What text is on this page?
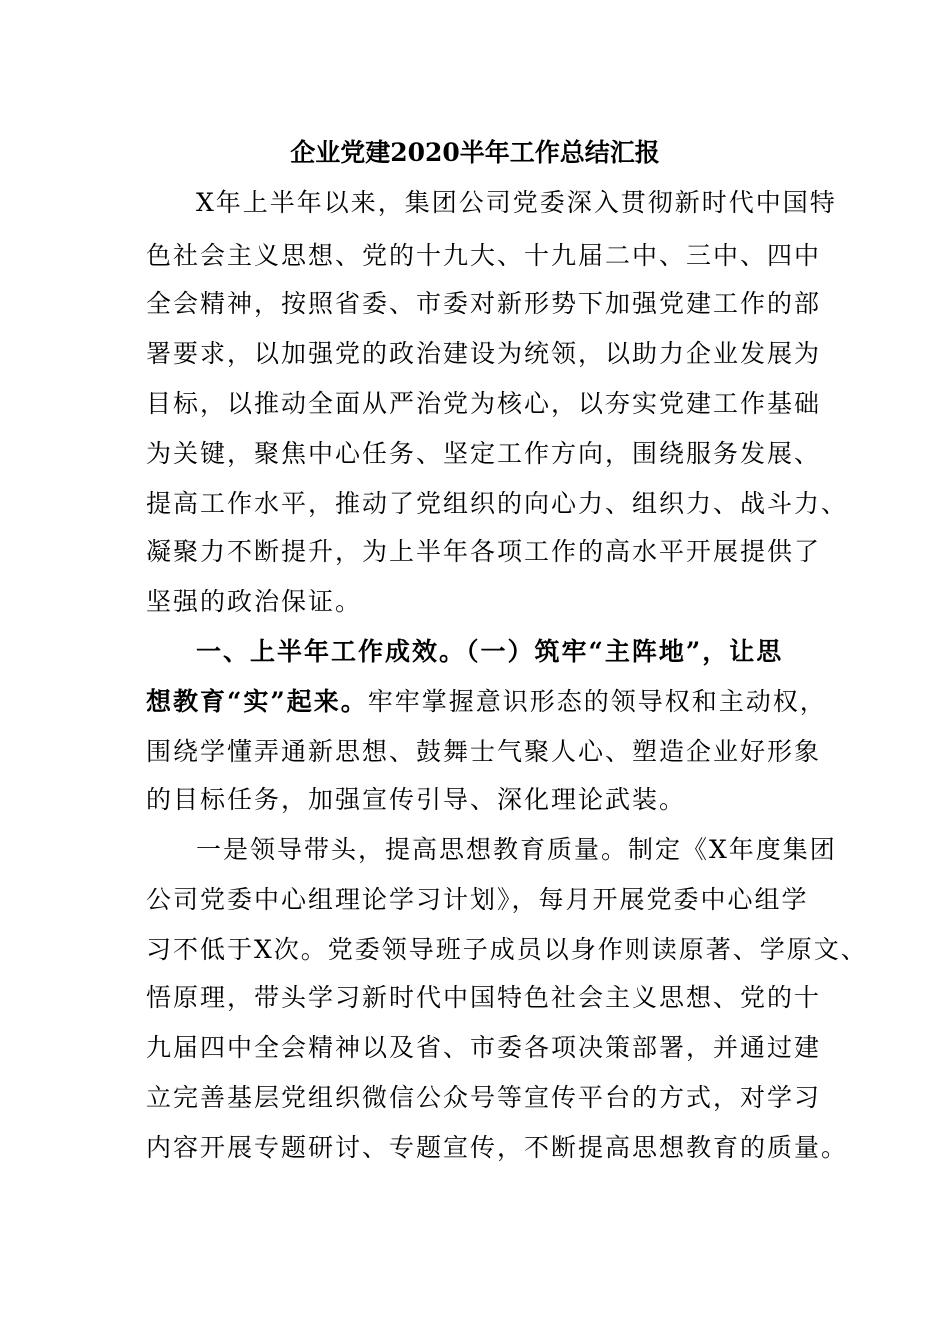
企业党建2020半年工作总结汇报
X年上半年以来，集团公司党委深入贯彻新时代中国特
色社会主义思想、党的十九大、十九届二中、三中、四中
全会精神，按照省委、市委对新形势下加强党建工作的部
署要求，以加强党的政治建设为统领，以助力企业发展为
目标，以推动全面从严治党为核心，以夯实党建工作基础
为关键，聚焦中心任务、坚定工作方向，围绕服务发展、
提高工作水平，推动了党组织的向心力、组织力、战斗力、
凝聚力不断提升，为上半年各项工作的高水平开展提供了
坚强的政治保证。
一、上半年工作成效。（一）筑牢“主阵地”，让思
想教育“实”起来。牢牢掌握意识形态的领导权和主动权，
围绕学懂弄通新思想、鼓舞士气聚人心、塑造企业好形象
的目标任务，加强宣传引导、深化理论武装。
一是领导带头，提高思想教育质量。制定《X年度集团
公司党委中心组理论学习计划》，每月开展党委中心组学
习不低于X次。党委领导班子成员以身作则读原著、学原文、
悟原理，带头学习新时代中国特色社会主义思想、党的十
九届四中全会精神以及省、市委各项决策部署，并通过建
立完善基层党组织微信公众号等宣传平台的方式，对学习
内容开展专题研讨、专题宣传，不断提高思想教育的质量。
